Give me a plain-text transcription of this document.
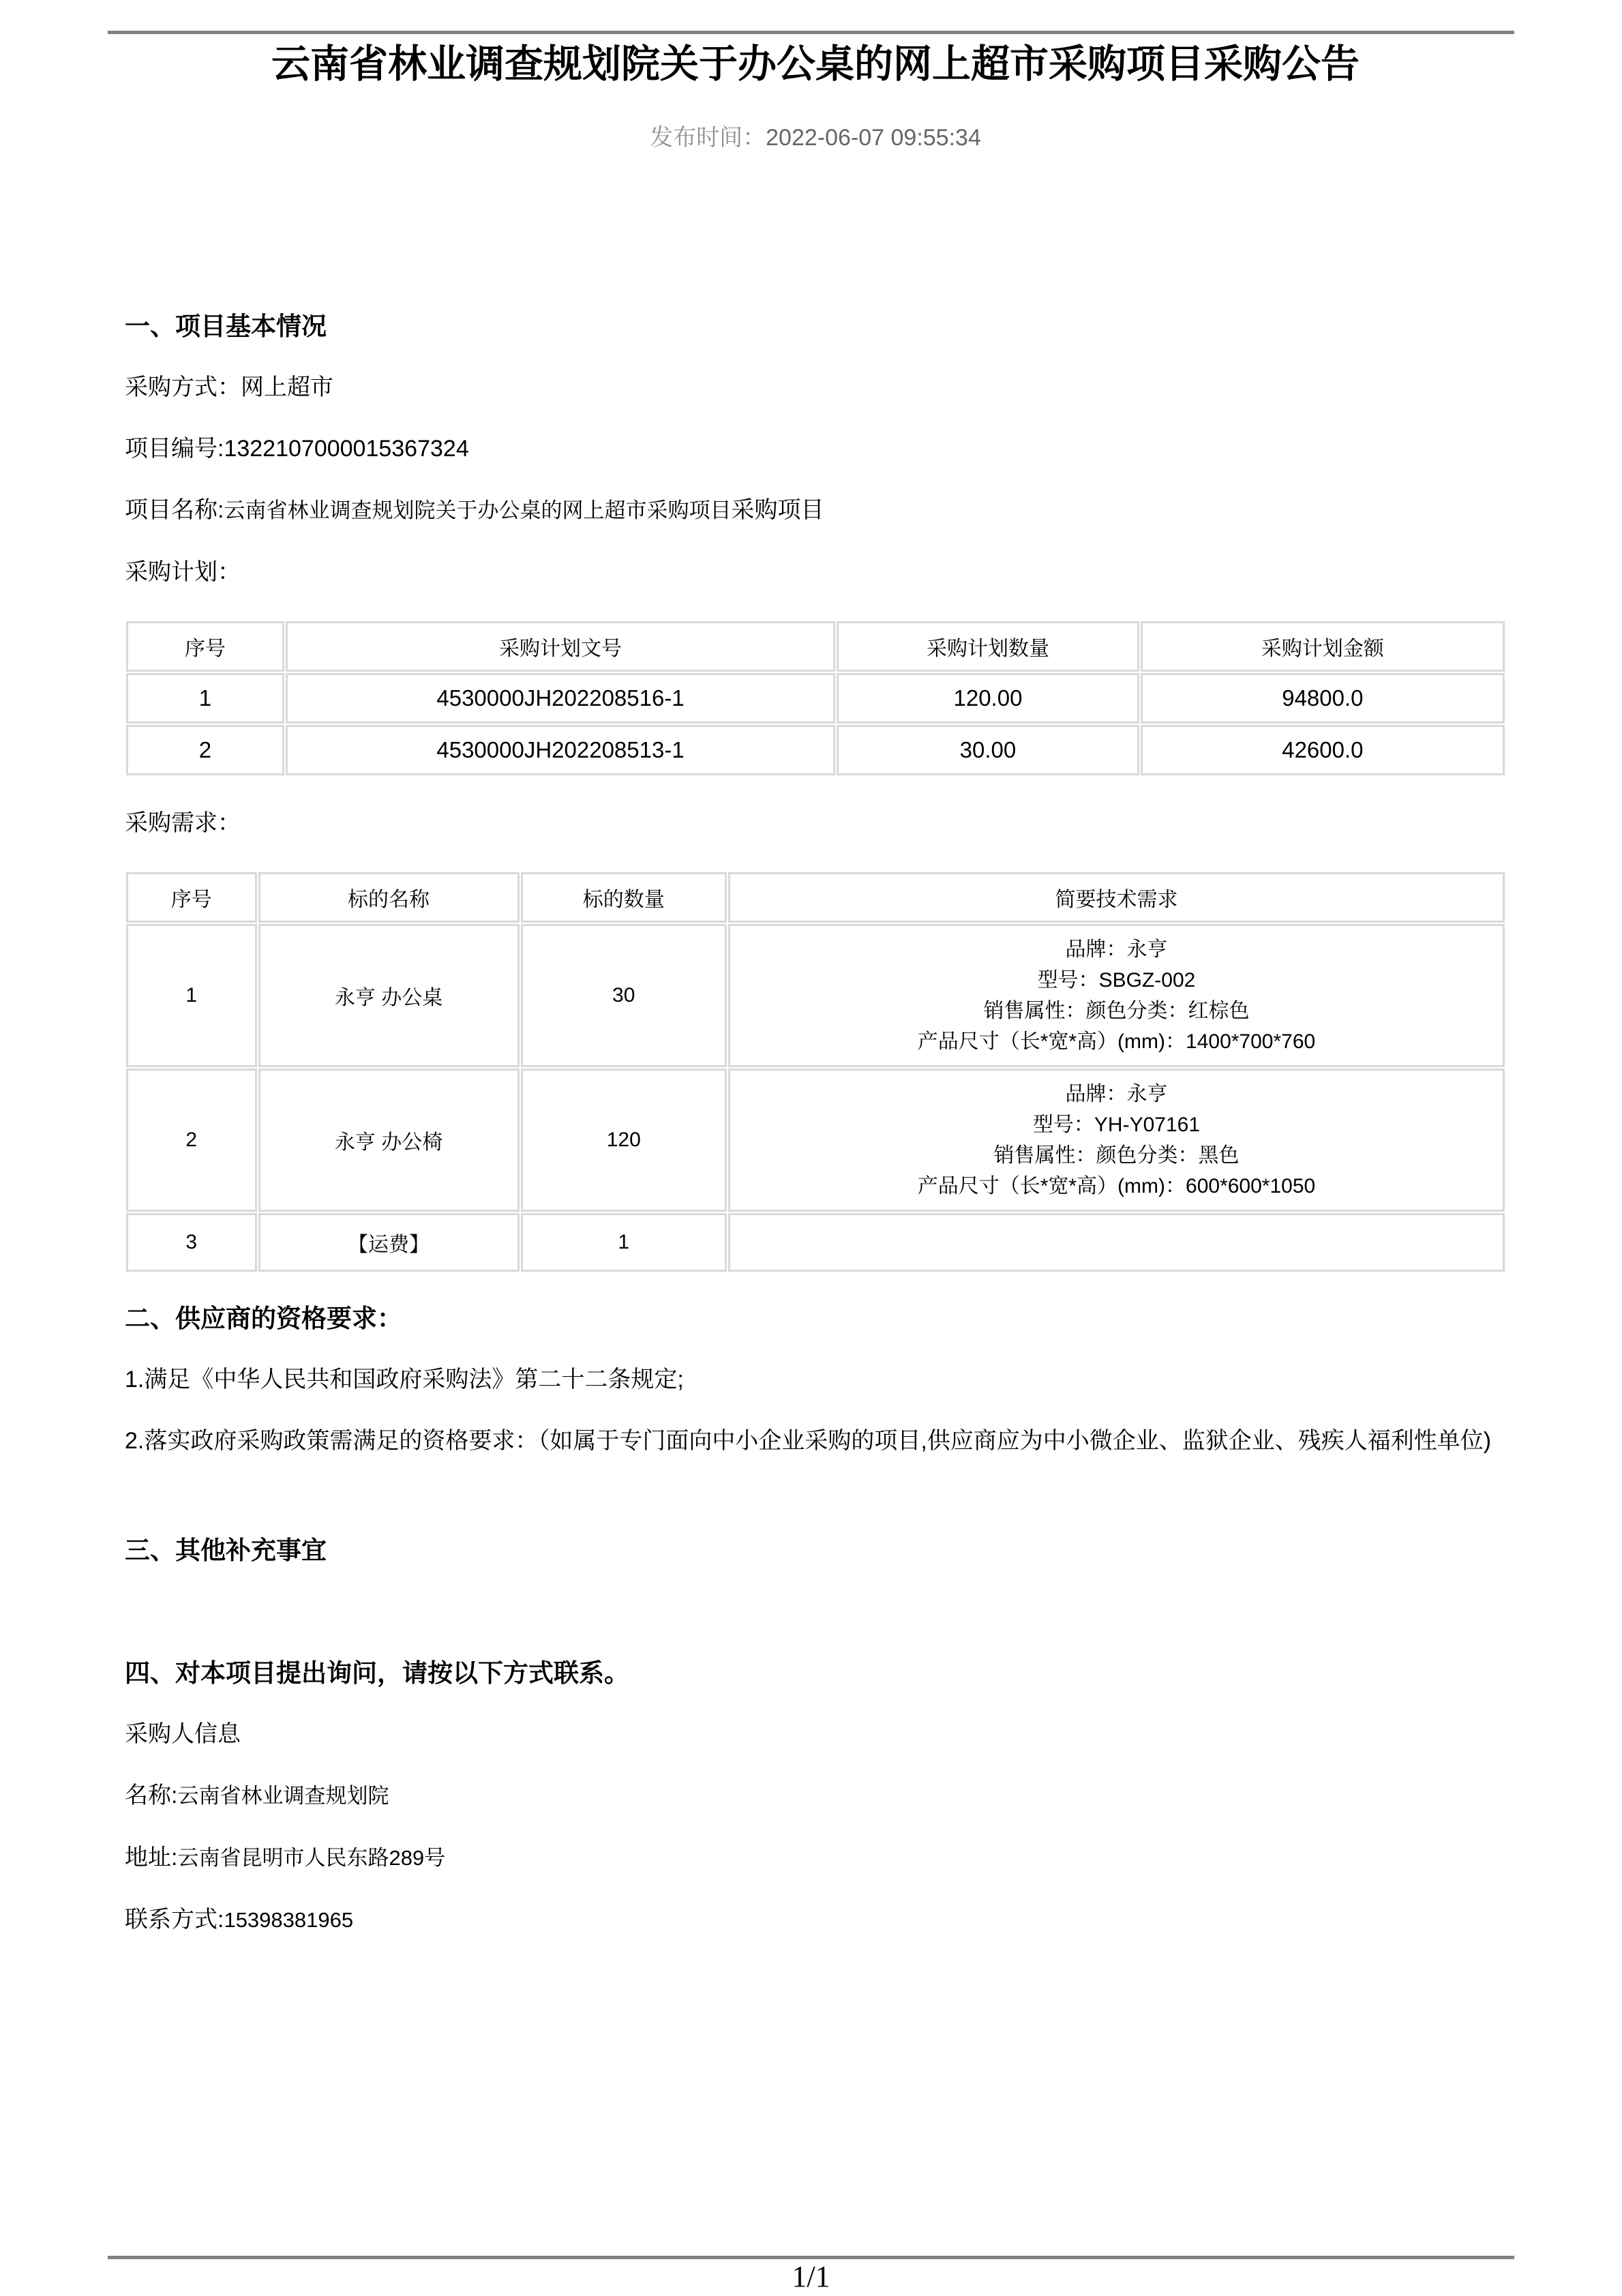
云南省林业调查规划院关于办公桌的网上超市采购项目采购公告
发布时间：2022-06-07 09:55:34
一、项目基本情况

采购方式：网上超市

项目编号:1322107000015367324

项目名称:云南省林业调查规划院关于办公桌的网上超市采购项目采购项目

采购计划：

序号	采购计划文号	采购计划数量	采购计划金额
1	4530000JH202208516-1	120.00	94800.0
2	4530000JH202208513-1	30.00	42600.0

采购需求：

序号	标的名称	标的数量	简要技术需求
1	永亨 办公桌	30	品牌：永亨
型号：SBGZ-002
销售属性：颜色分类：红棕色
产品尺寸（长*宽*高）(mm)：1400*700*760

2	永亨 办公椅	120	品牌：永亨
型号：YH-Y07161
销售属性：颜色分类：黑色
产品尺寸（长*宽*高）(mm)：600*600*1050

3	【运费】	1	
二、供应商的资格要求：

1.满足《中华人民共和国政府采购法》第二十二条规定;

2.落实政府采购政策需满足的资格要求：（如属于专门面向中小企业采购的项目,供应商应为中小微企业、监狱企业、残疾人福利性单位)

三、其他补充事宜
四、对本项目提出询问，请按以下方式联系。

采购人信息

名称:云南省林业调查规划院

地址:云南省昆明市人民东路289号

联系方式:15398381965

1/1
